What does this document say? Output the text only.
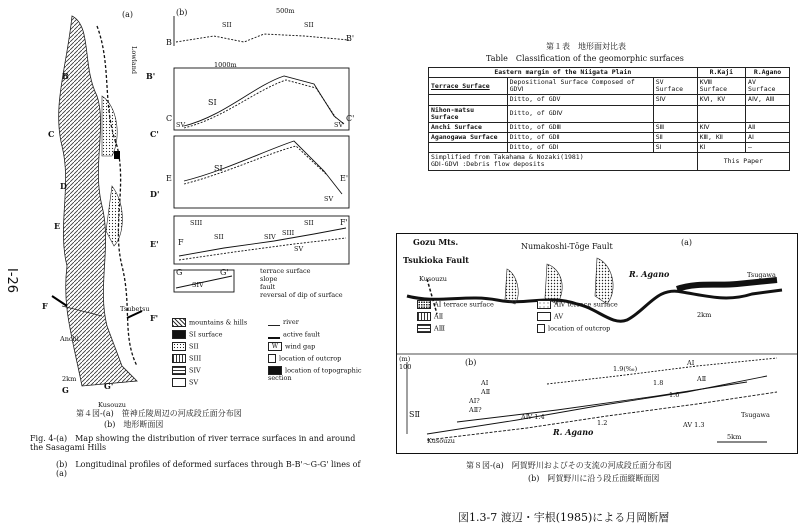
I-26
(a)
B	B'
C	C'
D
D'
E
E'
F
F'
G	G'
Lowland
Anchi
Tsubetsu
Kusouzu
2km
(b)	500m
1000m
B	B'
SII	SII
C	C'
SI
SV	SV
E	E'
SI
SV
F
F'
SIII
SII	SIV SIII
SII
SV
G	G'
SIV
terrace surface
slope
fault
reversal of dip of surface
mountains & hills	river
SI surface	active fault
SII	W wind gap
SIII	location of outcrop
SIV	location of topographic section
SV
第４図-(a)　笹神丘陵周辺の河成段丘面分布図
(b)　地形断面図
Fig. 4-(a)　Map showing the distribution of river terrace surfaces in and around the Sasagami Hills
(b)　Longitudinal profiles of deformed surfaces through B-B'～G-G' lines of (a)
第１表　地形面対比表
Table　Classification of the geomorphic surfaces
Eastern margin of the Niigata Plain			R.Kaji	R.Agano
Terrace Surface	Depositional Surface Composed of GDⅥ	SV Surface	KⅧ Surface	AV Surface
	Ditto, of GDV	SⅣ	KⅥ, KV	AⅣ, AⅢ
Nihon-matsu Surface	Ditto, of GDⅣ			
Anchi Surface	Ditto, of GDⅢ	SⅢ	KⅣ	AⅡ
Aganogawa Surface	Ditto, of GDⅡ	SⅡ	KⅢ, KⅡ	AⅠ
	Ditto, of GDⅠ	SⅠ	KⅠ	–

Simplified from Takahama & Nozaki(1981)
GDⅠ-GDⅥ :Debris flow deposits			This Paper	
(a)
Gozu Mts.
Tsukioka Fault
Kusouzu
Numakoshi-Tōge Fault
R. Agano	Tsugawa
2km
AⅠ terrace surface	AⅣ terrace surface
AⅡ	AV
AⅢ	location of outcrop
(b)
(m)
100
AⅠ
AⅡ
AⅠ?
AⅡ?
SⅡ
AⅠ
AⅡ
1.9(‰)
1.8
1.6
AⅣ 1.4
AV 1.3
1.2
R. Agano
Kusouzu
Tsugawa
5km
第８図-(a)　阿賀野川およびその支流の河成段丘面分布図
(b)　阿賀野川に沿う段丘面縦断面図
図1.3-7 渡辺・宇根(1985)による月岡断層
